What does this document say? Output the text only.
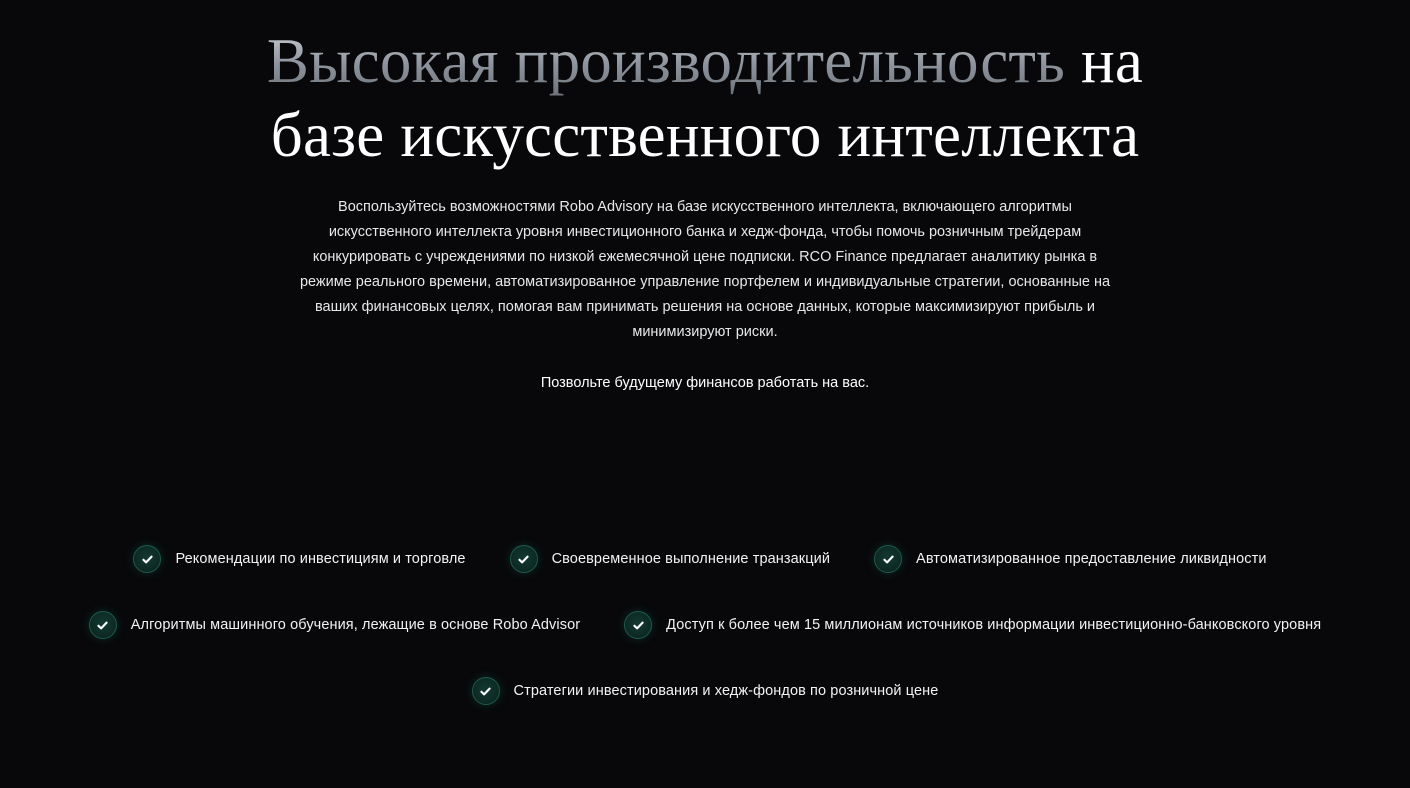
Высокая производительность на базе искусственного интеллекта

Воспользуйтесь возможностями Robo Advisory на базе искусственного интеллекта, включающего алгоритмы искусственного интеллекта уровня инвестиционного банка и хедж-фонда, чтобы помочь розничным трейдерам конкурировать с учреждениями по низкой ежемесячной цене подписки. RCO Finance предлагает аналитику рынка в режиме реального времени, автоматизированное управление портфелем и индивидуальные стратегии, основанные на ваших финансовых целях, помогая вам принимать решения на основе данных, которые максимизируют прибыль и минимизируют риски.

Позвольте будущему финансов работать на вас.

Рекомендации по инвестициям и торговле	Своевременное выполнение транзакций	Автоматизированное предоставление ликвидности
Алгоритмы машинного обучения, лежащие в основе Robo Advisor	Доступ к более чем 15 миллионам источников информации инвестиционно-банковского уровня
Стратегии инвестирования и хедж-фондов по розничной цене
